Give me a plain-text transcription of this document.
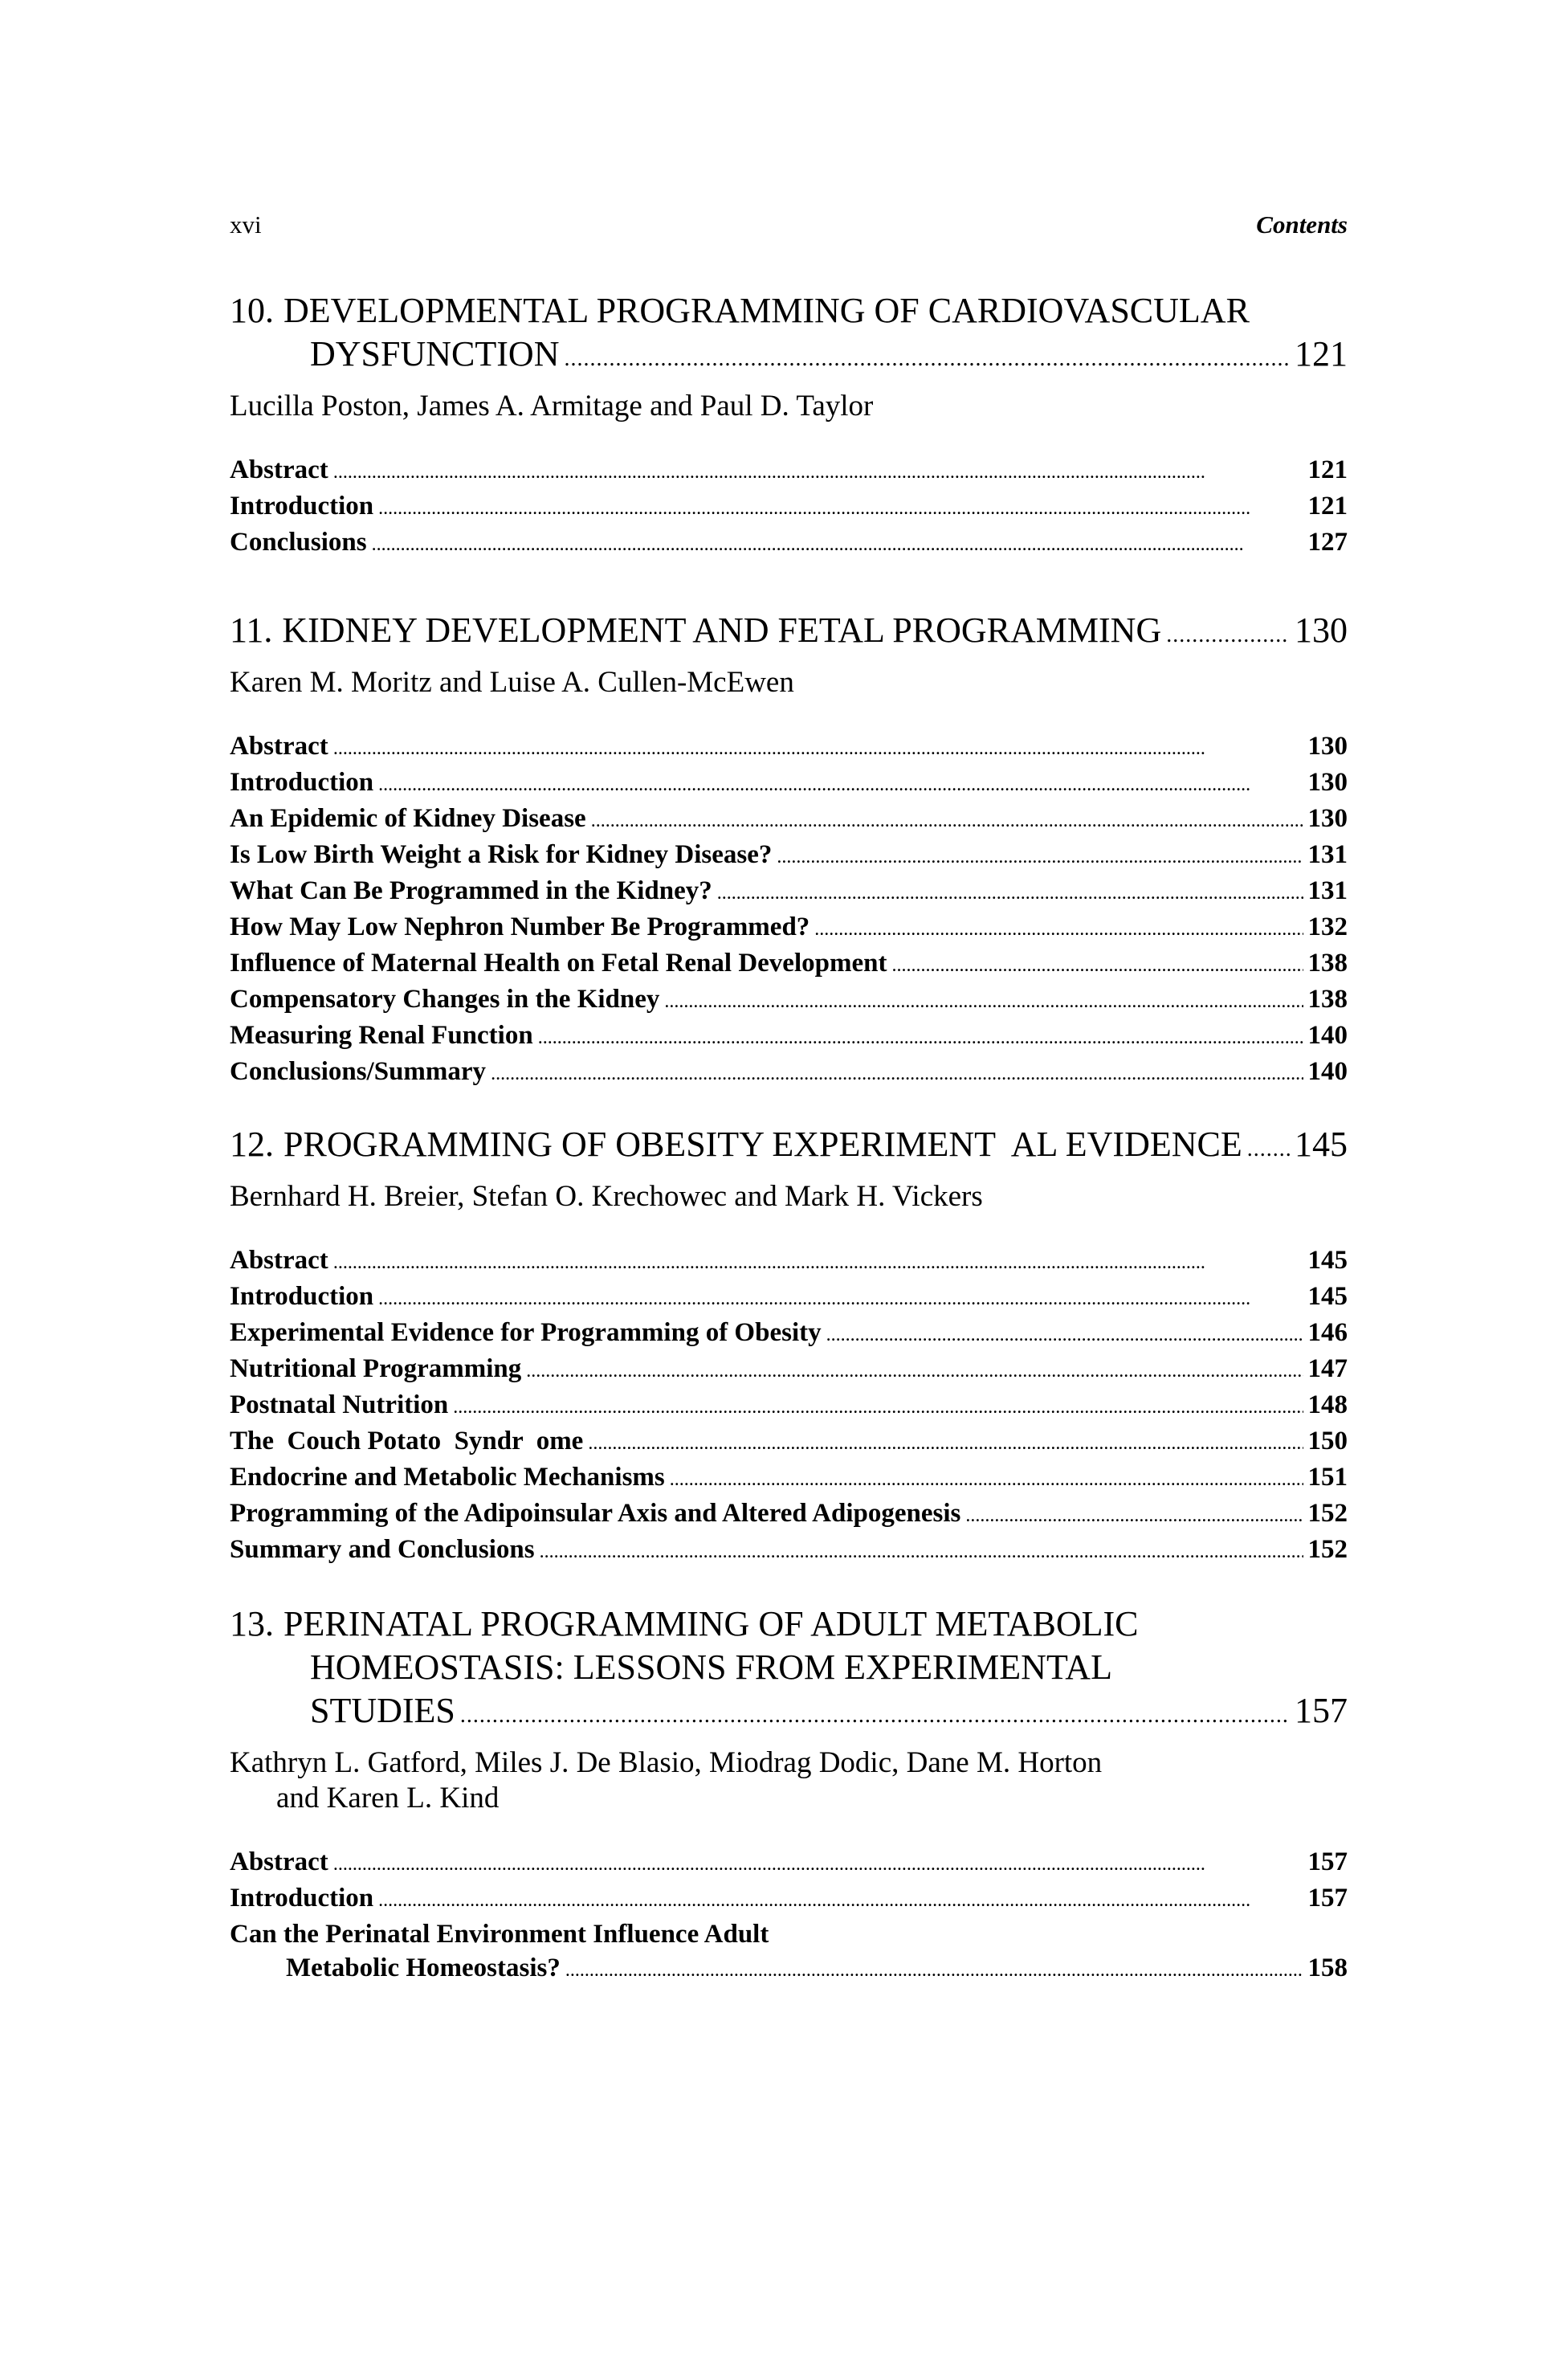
xvi	Contents
10. DEVELOPMENTAL PROGRAMMING OF CARDIOVASCULAR
DYSFUNCTION . . .	121
Lucilla Poston, James A. Armitage and Paul D. Taylor
Abstract . . .	121
Introduction . . .	121
Conclusions . . .	127
11. KIDNEY DEVELOPMENT AND FETAL PROGRAMMING . . .	130
Karen M. Moritz and Luise A. Cullen-McEwen
Abstract . . .	130
Introduction . . .	130
An Epidemic of Kidney Disease . . .	130
Is Low Birth Weight a Risk for Kidney Disease? . . .	131
What Can Be Programmed in the Kidney? . . .	131
How May Low Nephron Number Be Programmed? . . .	132
Influence of Maternal Health on Fetal Renal Development . . .	138
Compensatory Changes in the Kidney . . .	138
Measuring Renal Function . . .	140
Conclusions/Summary . . .	140
12. PROGRAMMING OF OBESITY EXPERIMENT  AL EVIDENCE . . . 145
Bernhard H. Breier, Stefan O. Krechowec and Mark H. Vickers
Abstract . . .	145
Introduction . . .	145
Experimental Evidence for Programming of Obesity . . .	146
Nutritional Programming . . .	147
Postnatal Nutrition . . .	148
The  Couch Potato  Syndr  ome . . .	150
Endocrine and Metabolic Mechanisms . . .	151
Programming of the Adipoinsular Axis and Altered Adipogenesis . . .	152
Summary and Conclusions . . .	152
13. PERINATAL PROGRAMMING OF ADULT METABOLIC
HOMEOSTASIS: LESSONS FROM EXPERIMENTAL
STUDIES . . .	157
Kathryn L. Gatford, Miles J. De Blasio, Miodrag Dodic, Dane M. Horton
and Karen L. Kind
Abstract . . .	157
Introduction . . .	157
Can the Perinatal Environment Influence Adult
Metabolic Homeostasis? . . .	158
